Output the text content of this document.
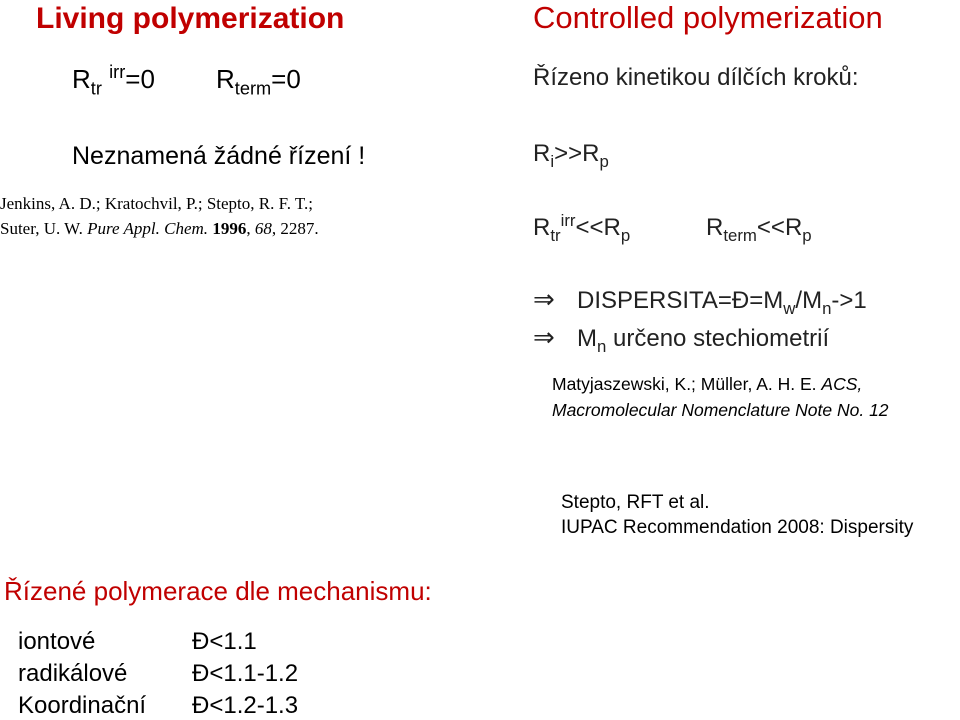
Living polymerization
$R_{tr}$ $^{irr}$=0 $R_{term}=0$
Neznamená žádné řízení !
Jenkins, A. D.; Kratochvil, P.; Stepto, R. F. T.;
Suter, U. W. Pure Appl. Chem. 1996, 68, 2287.
Controlled polymerization
Řízeno kinetikou dílčích kroků:
$R_i>>R_p$
$R_{tr}^{irr}<<R_p$	$R_{term}<<R_p$
⇒ $DISPERSITA=Đ=M_w/M_n->1$
⇒ $M_n$ určeno stechiometrií
Matyjaszewski, K.; Müller, A. H. E. ACS,
Macromolecular Nomenclature Note No. 12
Stepto, RFT et al.
IUPAC Recommendation 2008: Dispersity
Řízené polymerace dle mechanismu:
iontové	Đ<1.1
radikálové	Đ<1.1-1.2
Koordinační Đ<1.2-1.3
